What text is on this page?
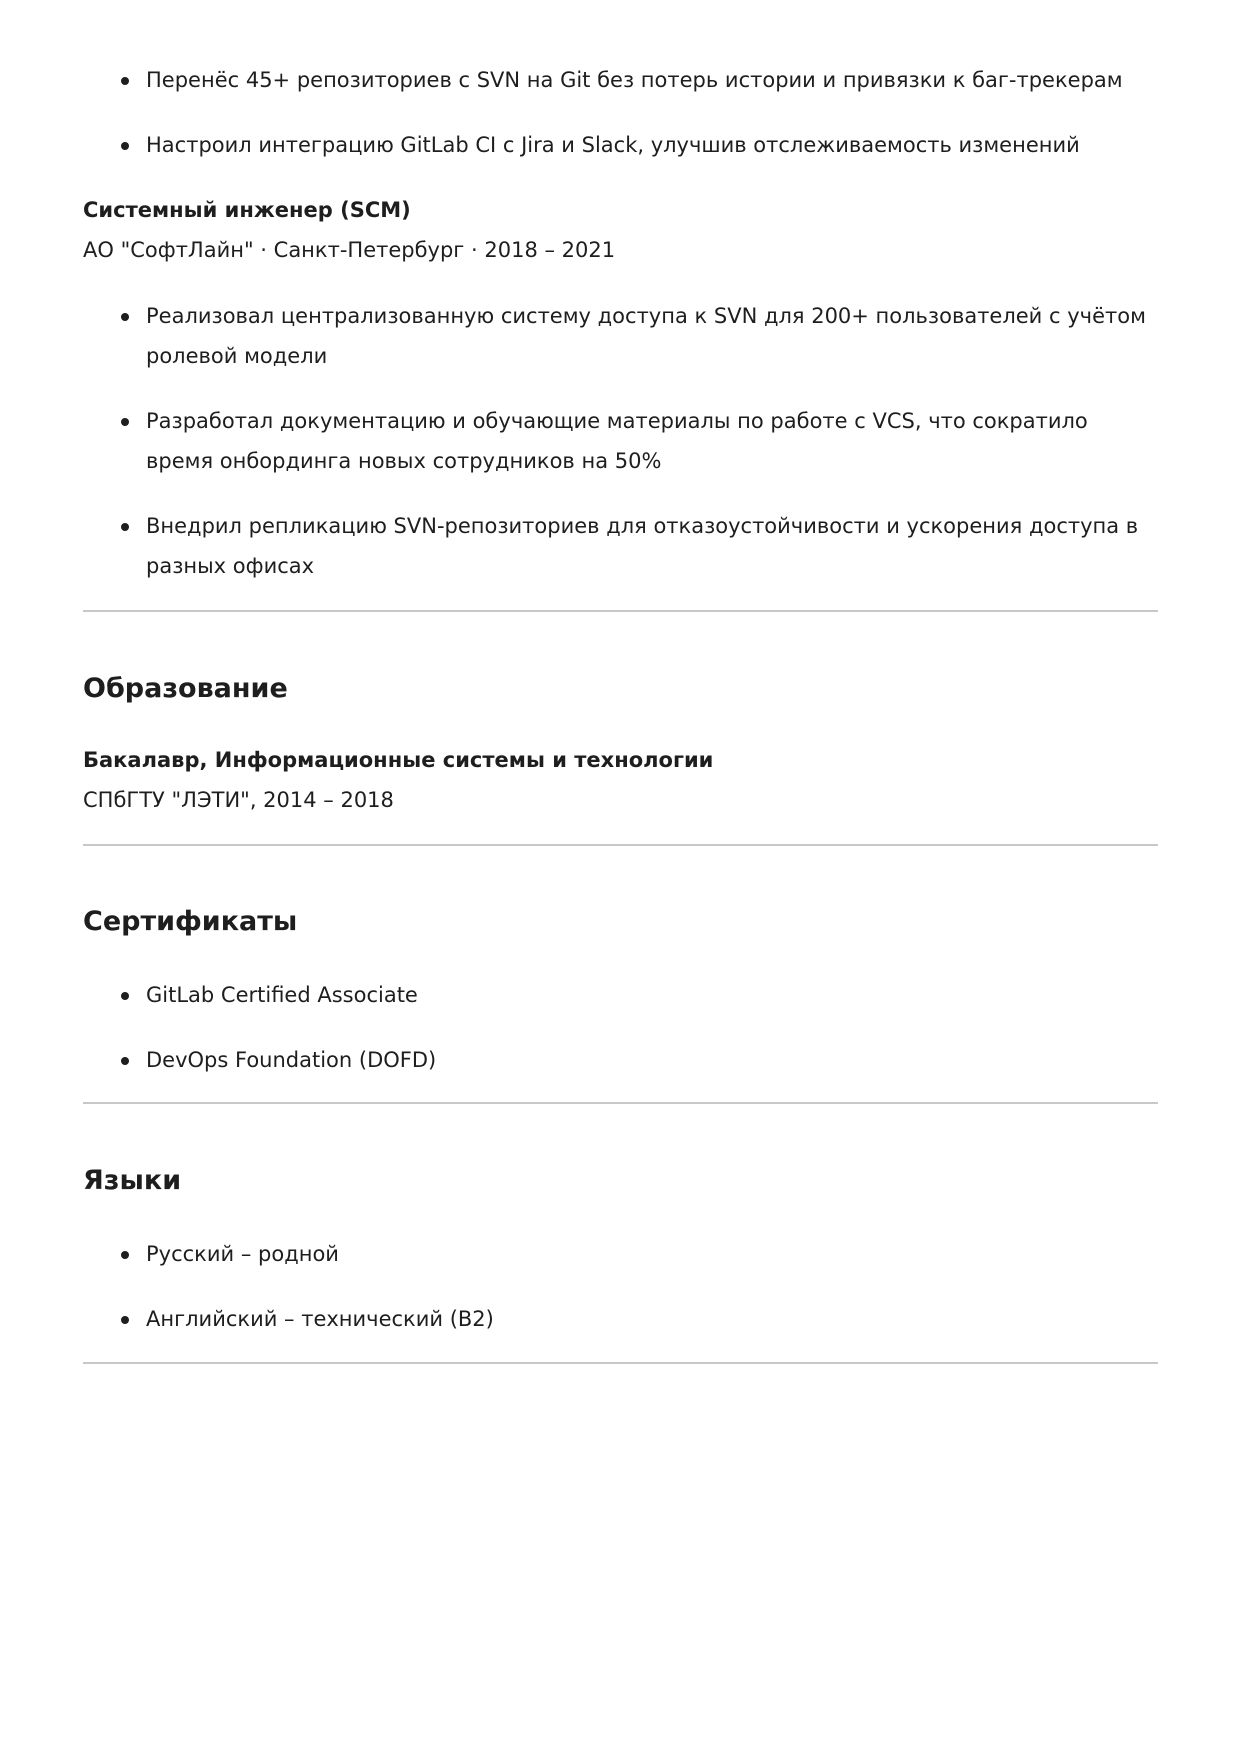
Перенёс 45+ репозиториев с SVN на Git без потерь истории и привязки к баг-трекерам
Настроил интеграцию GitLab CI с Jira и Slack, улучшив отслеживаемость изменений

Системный инженер (SCM)

АО "СофтЛайн" · Санкт-Петербург · 2018 – 2021

Реализовал централизованную систему доступа к SVN для 200+ пользователей с учётом ролевой модели
Разработал документацию и обучающие материалы по работе с VCS, что сократило время онбординга новых сотрудников на 50%
Внедрил репликацию SVN-репозиториев для отказоустойчивости и ускорения доступа в разных офисах
Образование

Бакалавр, Информационные системы и технологии

СПбГТУ "ЛЭТИ", 2014 – 2018

Сертификаты
GitLab Certified Associate
DevOps Foundation (DOFD)
Языки
Русский – родной
Английский – технический (B2)
